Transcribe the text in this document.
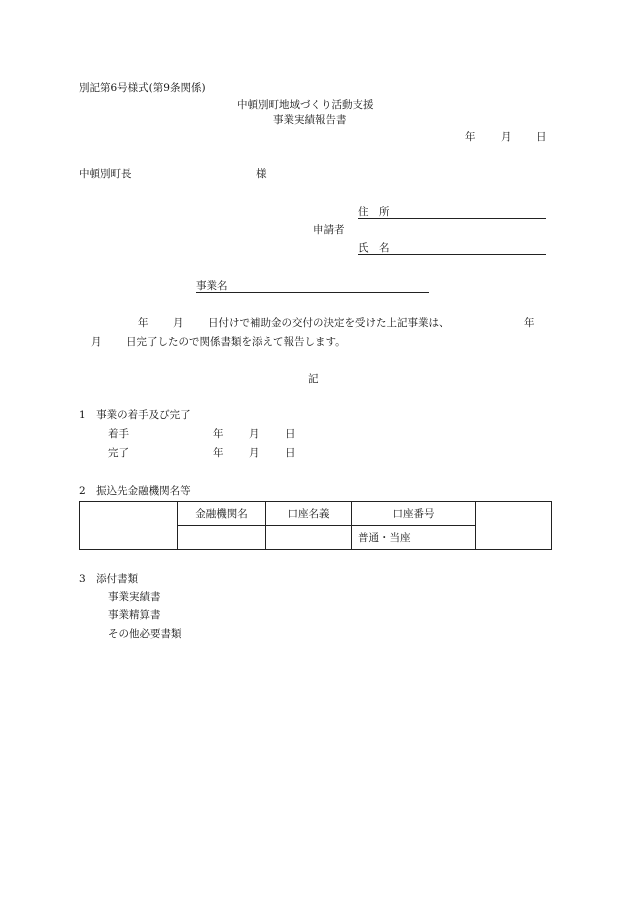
別記第6号様式(第9条関係)
中頓別町地域づくり活動支援
事業実績報告書
年 月 日
中頓別町長	様
住　所
申請者
氏　名
事業名
年 月 日付けで補助金の交付の決定を受けた上記事業は、	年
月 日完了したので関係書類を添えて報告します。
記
1　事業の着手及び完了
着手	年 月 日
完了	年 月 日
2　振込先金融機関名等
	金融機関名	口座名義	口座番号	
			普通・当座	
3　添付書類
事業実績書
事業精算書
その他必要書類
